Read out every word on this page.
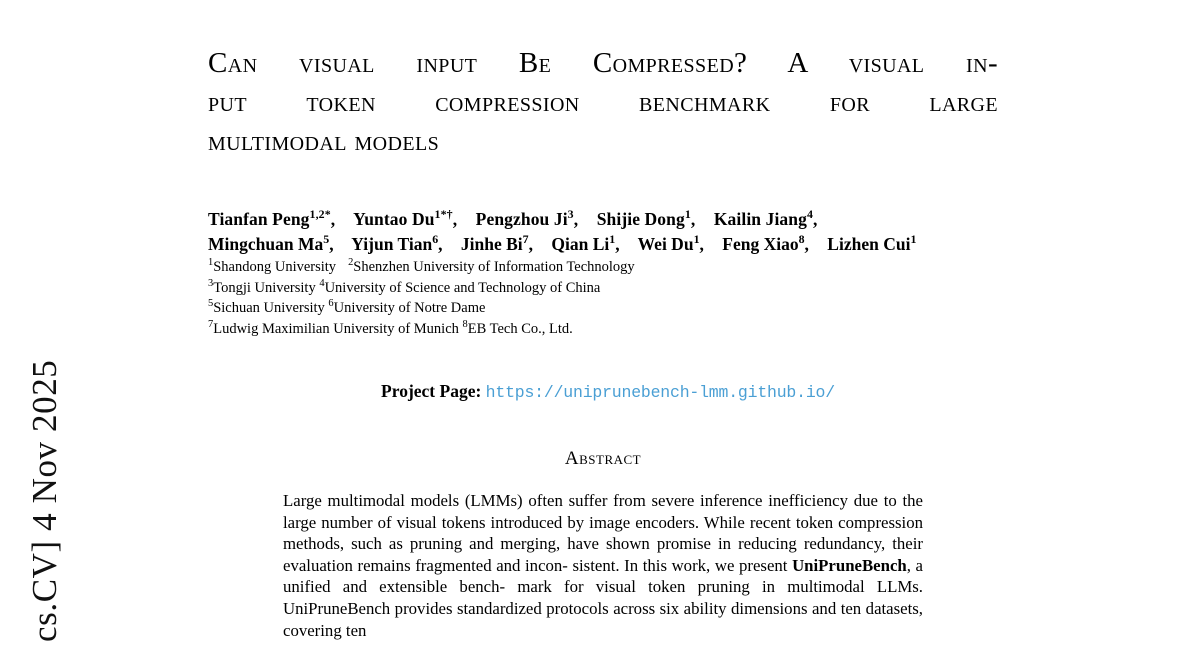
cs.CV] 4 Nov 2025
Can visual input Be Compressed? A visual in-
put token compression benchmark for large
multimodal models
Tianfan Peng$^{1,2*}$, Yuntao $Du^{1*\dagger}$, Pengzhou Ji$^3$, Shijie Dong$^1$, Kailin Jiang$^4$,
Mingchuan Ma$^5$, Yijun Tian$^6$, Jinhe Bi$^7$, Qian Li$^1$, Wei Du$^1$, Feng Xiao$^8$, Lizhen Cui$^1$
$^1$Shandong University $^2$Shenzhen University of Information Technology
$^3$Tongji University $^4$University of Science and Technology of China
$^5$Sichuan University $^6$University of Notre Dame
$^7$Ludwig Maximilian University of Munich $^8$EB Tech Co., Ltd.
Project Page: https://uniprunebench-lmm.github.io/
Abstract
Large multimodal models (LMMs) often suffer from severe inference inefficiency due to the large number of visual tokens introduced by image encoders. While recent token compression methods, such as pruning and merging, have shown promise in reducing redundancy, their evaluation remains fragmented and incon- sistent. In this work, we present UniPruneBench, a unified and extensible bench- mark for visual token pruning in multimodal LLMs. UniPruneBench provides standardized protocols across six ability dimensions and ten datasets, covering ten
